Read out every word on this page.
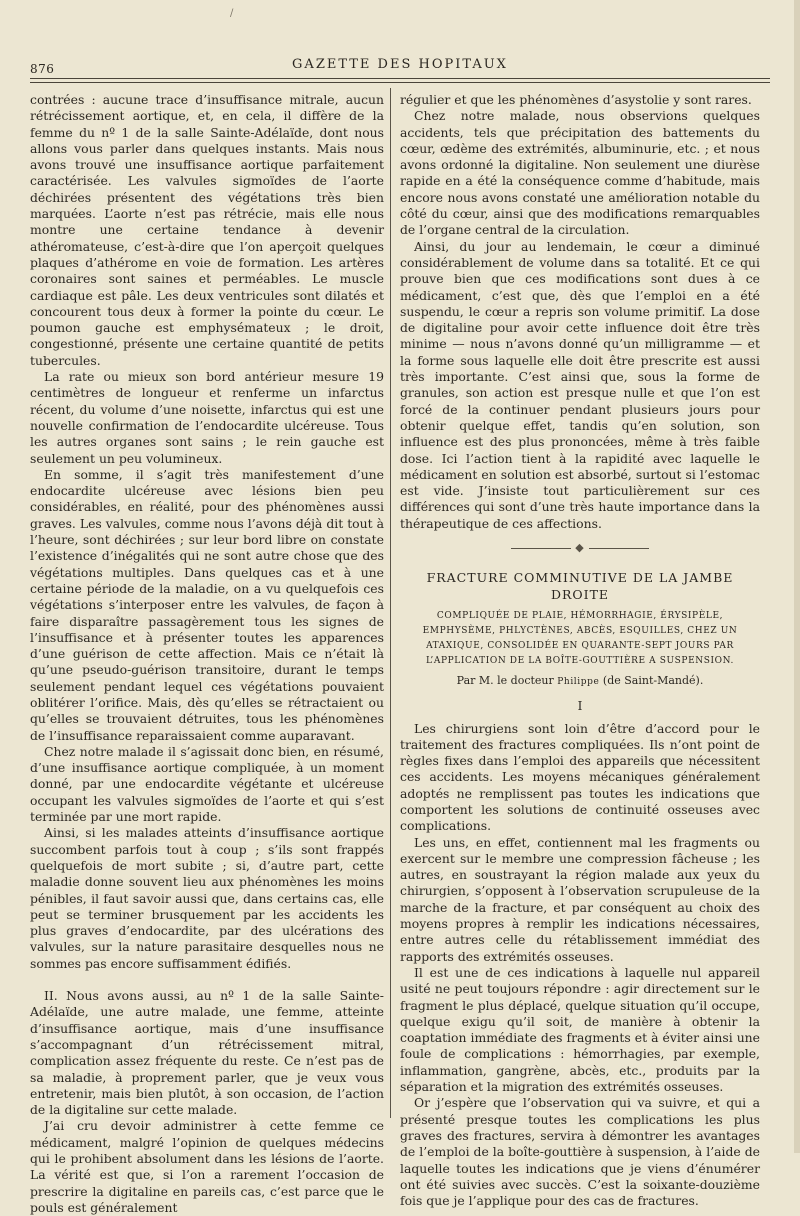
/
876	GAZETTE DES HOPITAUX

contrées : aucune trace d’insuffisance mitrale, aucun rétrécissement aortique, et, en cela, il diffère de la femme du nº 1 de la salle Sainte-Adélaïde, dont nous allons vous parler dans quelques instants. Mais nous avons trouvé une insuffisance aortique parfaitement caractérisée. Les valvules sigmoïdes de l’aorte déchirées présentent des végétations très bien marquées. L’aorte n’est pas rétrécie, mais elle nous montre une certaine tendance à devenir athéromateuse, c’est-à-dire que l’on aperçoit quelques plaques d’athérome en voie de formation. Les artères coronaires sont saines et perméables. Le muscle cardiaque est pâle. Les deux ventricules sont dilatés et concourent tous deux à former la pointe du cœur. Le poumon gauche est emphysémateux ; le droit, congestionné, présente une certaine quantité de petits tubercules.

La rate ou mieux son bord antérieur mesure 19 centimètres de longueur et renferme un infarctus récent, du volume d’une noisette, infarctus qui est une nouvelle confirmation de l’endocardite ulcéreuse. Tous les autres organes sont sains ; le rein gauche est seulement un peu volumineux.

En somme, il s’agit très manifestement d’une endocardite ulcéreuse avec lésions bien peu considérables, en réalité, pour des phénomènes aussi graves. Les valvules, comme nous l’avons déjà dit tout à l’heure, sont déchirées ; sur leur bord libre on constate l’existence d’inégalités qui ne sont autre chose que des végétations multiples. Dans quelques cas et à une certaine période de la maladie, on a vu quelquefois ces végétations s’interposer entre les valvules, de façon à faire disparaître passagèrement tous les signes de l’insuffisance et à présenter toutes les apparences d’une guérison de cette affection. Mais ce n’était là qu’une pseudo-guérison transitoire, durant le temps seulement pendant lequel ces végétations pouvaient oblitérer l’orifice. Mais, dès qu’elles se rétractaient ou qu’elles se trouvaient détruites, tous les phénomènes de l’insuffisance reparaissaient comme auparavant.

Chez notre malade il s’agissait donc bien, en résumé, d’une insuffisance aortique compliquée, à un moment donné, par une endocardite végétante et ulcéreuse occupant les valvules sigmoïdes de l’aorte et qui s’est terminée par une mort rapide.

Ainsi, si les malades atteints d’insuffisance aortique succombent parfois tout à coup ; s’ils sont frappés quelquefois de mort subite ; si, d’autre part, cette maladie donne souvent lieu aux phénomènes les moins pénibles, il faut savoir aussi que, dans certains cas, elle peut se terminer brusquement par les accidents les plus graves d’endocardite, par des ulcérations des valvules, sur la nature parasitaire desquelles nous ne sommes pas encore suffisamment édifiés.

II. Nous avons aussi, au nº 1 de la salle Sainte-Adélaïde, une autre malade, une femme, atteinte d’insuffisance aortique, mais d’une insuffisance s’accompagnant d’un rétrécissement mitral, complication assez fréquente du reste. Ce n’est pas de sa maladie, à proprement parler, que je veux vous entretenir, mais bien plutôt, à son occasion, de l’action de la digitaline sur cette malade.

J’ai cru devoir administrer à cette femme ce médicament, malgré l’opinion de quelques médecins qui le prohibent absolument dans les lésions de l’aorte. La vérité est que, si l’on a rarement l’occasion de prescrire la digitaline en pareils cas, c’est parce que le pouls est généralement

régulier et que les phénomènes d’asystolie y sont rares.

Chez notre malade, nous observions quelques accidents, tels que précipitation des battements du cœur, œdème des extrémités, albuminurie, etc. ; et nous avons ordonné la digitaline. Non seulement une diurèse rapide en a été la conséquence comme d’habitude, mais encore nous avons constaté une amélioration notable du côté du cœur, ainsi que des modifications remarquables de l’organe central de la circulation.

Ainsi, du jour au lendemain, le cœur a diminué considérablement de volume dans sa totalité. Et ce qui prouve bien que ces modifications sont dues à ce médicament, c’est que, dès que l’emploi en a été suspendu, le cœur a repris son volume primitif. La dose de digitaline pour avoir cette influence doit être très minime — nous n’avons donné qu’un milligramme — et la forme sous laquelle elle doit être prescrite est aussi très importante. C’est ainsi que, sous la forme de granules, son action est presque nulle et que l’on est forcé de la continuer pendant plusieurs jours pour obtenir quelque effet, tandis qu’en solution, son influence est des plus prononcées, même à très faible dose. Ici l’action tient à la rapidité avec laquelle le médicament en solution est absorbé, surtout si l’estomac est vide. J’insiste tout particulièrement sur ces différences qui sont d’une très haute importance dans la thérapeutique de ces affections.

◆
FRACTURE COMMINUTIVE DE LA JAMBE DROITE
COMPLIQUÉE DE PLAIE, HÉMORRHAGIE, ÉRYSIPÈLE, EMPHYSÈME, PHLYCTÈNES, ABCÈS, ESQUILLES, CHEZ UN ATAXIQUE, CONSOLIDÉE EN QUARANTE-SEPT JOURS PAR L’APPLICATION DE LA BOÎTE-GOUTTIÈRE A SUSPENSION.
Par M. le docteur Philippe (de Saint-Mandé).
I

Les chirurgiens sont loin d’être d’accord pour le traitement des fractures compliquées. Ils n’ont point de règles fixes dans l’emploi des appareils que nécessitent ces accidents. Les moyens mécaniques généralement adoptés ne remplissent pas toutes les indications que comportent les solutions de continuité osseuses avec complications.

Les uns, en effet, contiennent mal les fragments ou exercent sur le membre une compression fâcheuse ; les autres, en soustrayant la région malade aux yeux du chirurgien, s’opposent à l’observation scrupuleuse de la marche de la fracture, et par conséquent au choix des moyens propres à remplir les indications nécessaires, entre autres celle du rétablissement immédiat des rapports des extrémités osseuses.

Il est une de ces indications à laquelle nul appareil usité ne peut toujours répondre : agir directement sur le fragment le plus déplacé, quelque situation qu’il occupe, quelque exigu qu’il soit, de manière à obtenir la coaptation immédiate des fragments et à éviter ainsi une foule de complications : hémorrhagies, par exemple, inflammation, gangrène, abcès, etc., produits par la séparation et la migration des extrémités osseuses.

Or j’espère que l’observation qui va suivre, et qui a présenté presque toutes les complications les plus graves des fractures, servira à démontrer les avantages de l’emploi de la boîte-gouttière à suspension, à l’aide de laquelle toutes les indications que je viens d’énumérer ont été suivies avec succès. C’est la soixante-douzième fois que je l’applique pour des cas de fractures.
